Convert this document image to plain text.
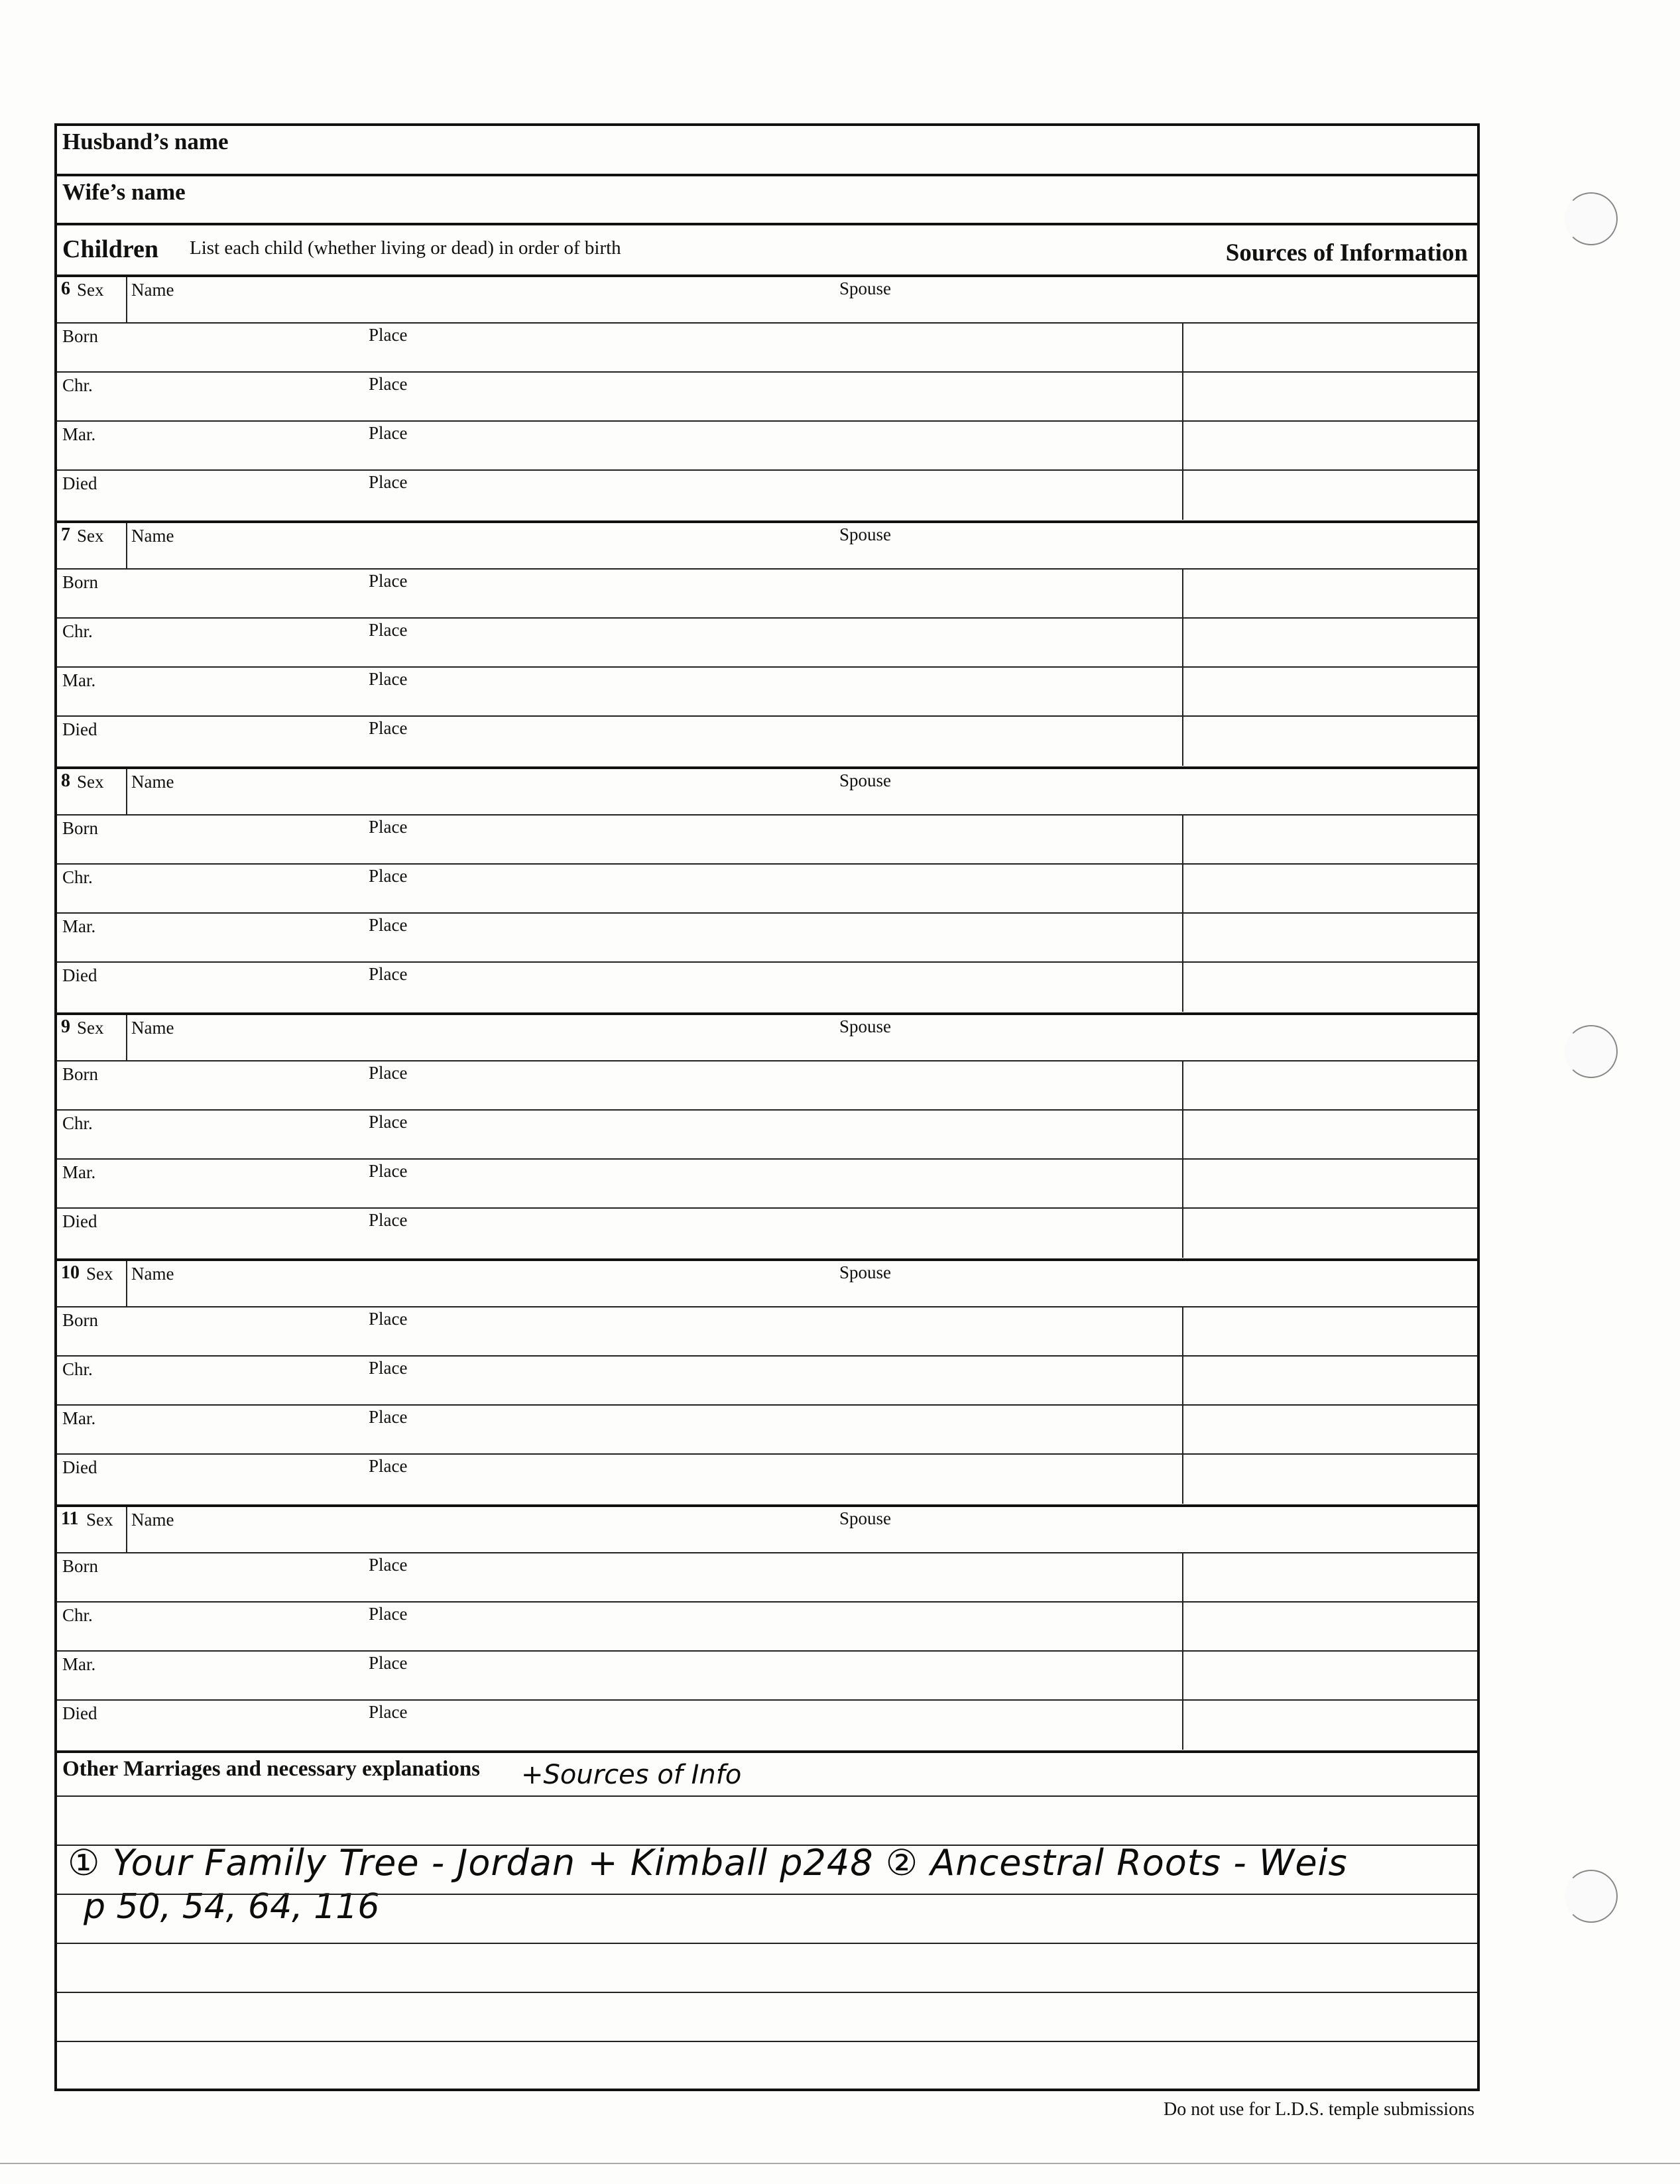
Husband’s name
Wife’s name
Children List each child (whether living or dead) in order of birth	Sources of Information
6 Sex Name	Spouse
Born	Place
Chr.	Place
Mar.	Place
Died	Place
7 Sex Name	Spouse
Born	Place
Chr.	Place
Mar.	Place
Died	Place
8 Sex Name	Spouse
Born	Place
Chr.	Place
Mar.	Place
Died	Place
9 Sex Name	Spouse
Born	Place
Chr.	Place
Mar.	Place
Died	Place
10 Sex Name	Spouse
Born	Place
Chr.	Place
Mar.	Place
Died	Place
11 Sex Name	Spouse
Born	Place
Chr.	Place
Mar.	Place
Died	Place
Other Marriages and necessary explanations +Sources of Info
① Your Family Tree - Jordan + Kimball p248 ② Ancestral Roots - Weis
p 50, 54, 64, 116
Do not use for L.D.S. temple submissions
